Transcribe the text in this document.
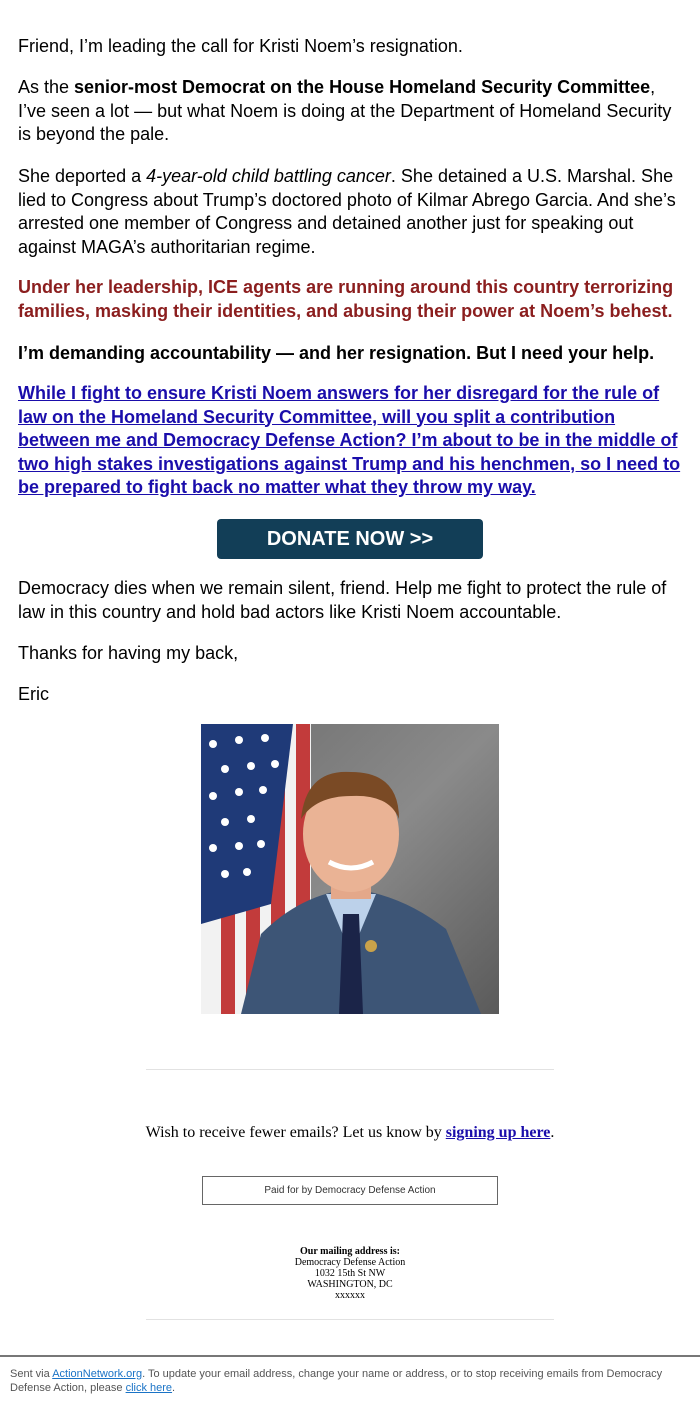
Friend, I’m leading the call for Kristi Noem’s resignation.

As the senior-most Democrat on the House Homeland Security Committee, I’ve seen a lot — but what Noem is doing at the Department of Homeland Security is beyond the pale.

She deported a 4-year-old child battling cancer. She detained a U.S. Marshal. She lied to Congress about Trump’s doctored photo of Kilmar Abrego Garcia. And she’s arrested one member of Congress and detained another just for speaking out against MAGA’s authoritarian regime.

Under her leadership, ICE agents are running around this country terrorizing families, masking their identities, and abusing their power at Noem’s behest.

I’m demanding accountability — and her resignation. But I need your help.

While I fight to ensure Kristi Noem answers for her disregard for the rule of law on the Homeland Security Committee, will you split a contribution between me and Democracy Defense Action? I’m about to be in the middle of two high stakes investigations against Trump and his henchmen, so I need to be prepared to fight back no matter what they throw my way.

Democracy dies when we remain silent, friend. Help me fight to protect the rule of law in this country and hold bad actors like Kristi Noem accountable.

Thanks for having my back,

Eric

DONATE NOW >>
Wish to receive fewer emails? Let us know by signing up here.
Paid for by Democracy Defense Action
Our mailing address is:
Democracy Defense Action
1032 15th St NW
WASHINGTON, DC
xxxxxx
Sent via ActionNetwork.org. To update your email address, change your name or address, or to stop receiving emails from Democracy Defense Action, please click here.
